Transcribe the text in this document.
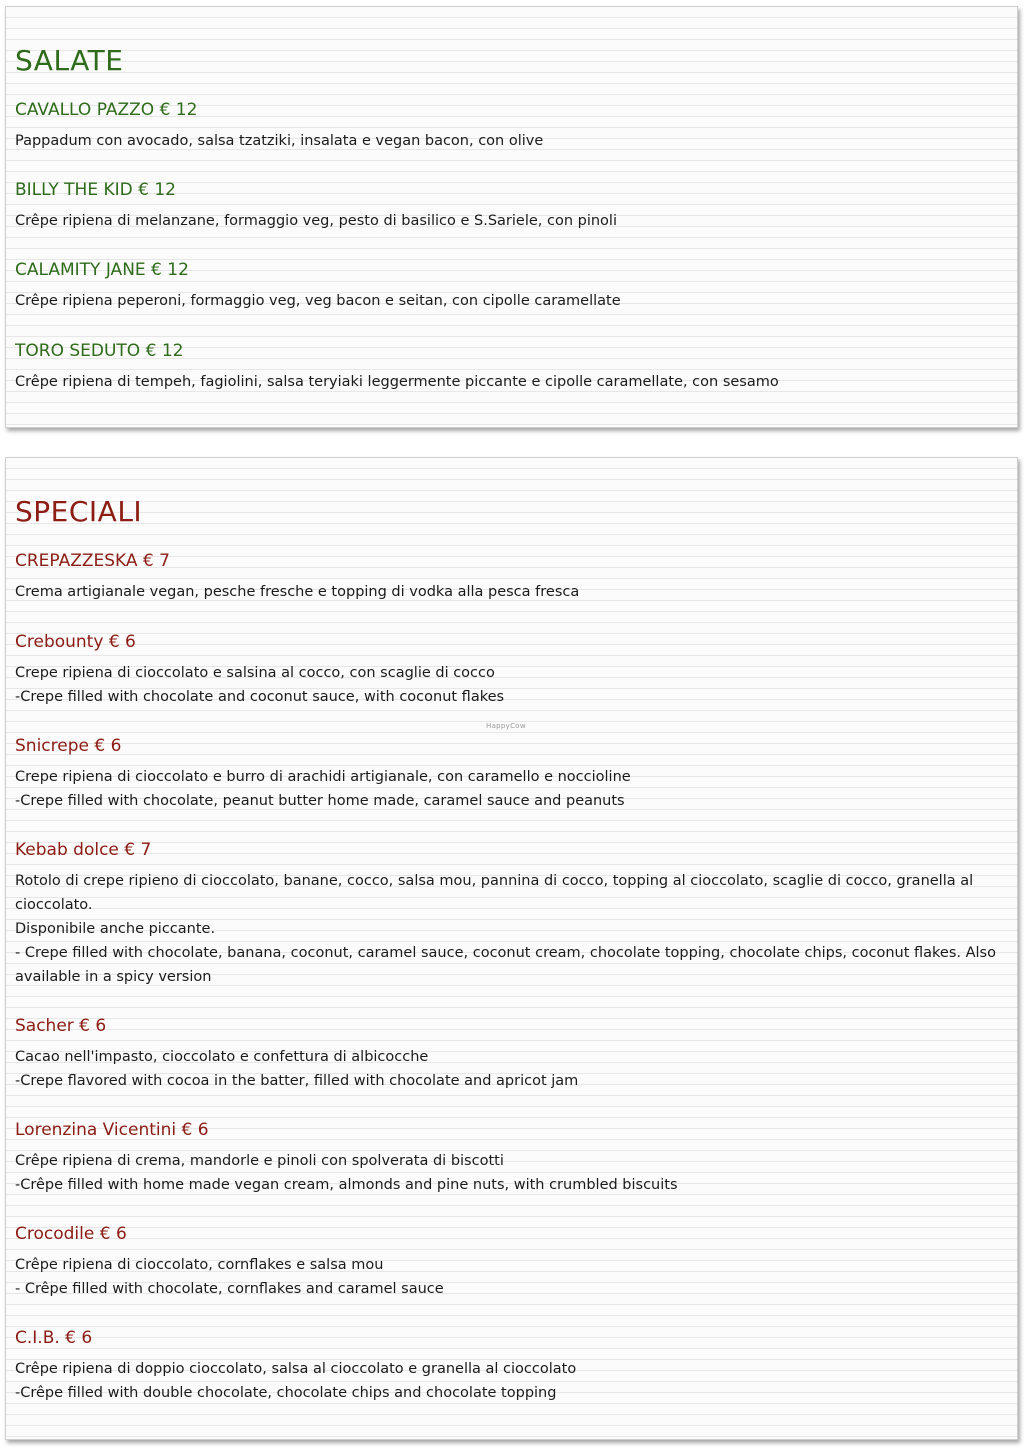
SALATE
CAVALLO PAZZO € 12
Pappadum con avocado, salsa tzatziki, insalata e vegan bacon, con olive
BILLY THE KID € 12
Crêpe ripiena di melanzane, formaggio veg, pesto di basilico e S.Sariele, con pinoli
CALAMITY JANE € 12
Crêpe ripiena peperoni, formaggio veg, veg bacon e seitan, con cipolle caramellate
TORO SEDUTO € 12
Crêpe ripiena di tempeh, fagiolini, salsa teryiaki leggermente piccante e cipolle caramellate, con sesamo
SPECIALI
CREPAZZESKA € 7
Crema artigianale vegan, pesche fresche e topping di vodka alla pesca fresca
Crebounty € 6
Crepe ripiena di cioccolato e salsina al cocco, con scaglie di cocco
-Crepe filled with chocolate and coconut sauce, with coconut flakes
Snicrepe € 6
Crepe ripiena di cioccolato e burro di arachidi artigianale, con caramello e noccioline
-Crepe filled with chocolate, peanut butter home made, caramel sauce and peanuts
Kebab dolce € 7
Rotolo di crepe ripieno di cioccolato, banane, cocco, salsa mou, pannina di cocco, topping al cioccolato, scaglie di cocco, granella al cioccolato.
Disponibile anche piccante.
- Crepe filled with chocolate, banana, coconut, caramel sauce, coconut cream, chocolate topping, chocolate chips, coconut flakes. Also available in a spicy version
Sacher € 6
Cacao nell'impasto, cioccolato e confettura di albicocche
-Crepe flavored with cocoa in the batter, filled with chocolate and apricot jam
Lorenzina Vicentini € 6
Crêpe ripiena di crema, mandorle e pinoli con spolverata di biscotti
-Crêpe filled with home made vegan cream, almonds and pine nuts, with crumbled biscuits
Crocodile € 6
Crêpe ripiena di cioccolato, cornflakes e salsa mou
- Crêpe filled with chocolate, cornflakes and caramel sauce
C.I.B. € 6
Crêpe ripiena di doppio cioccolato, salsa al cioccolato e granella al cioccolato
-Crêpe filled with double chocolate, chocolate chips and chocolate topping
HappyCow
